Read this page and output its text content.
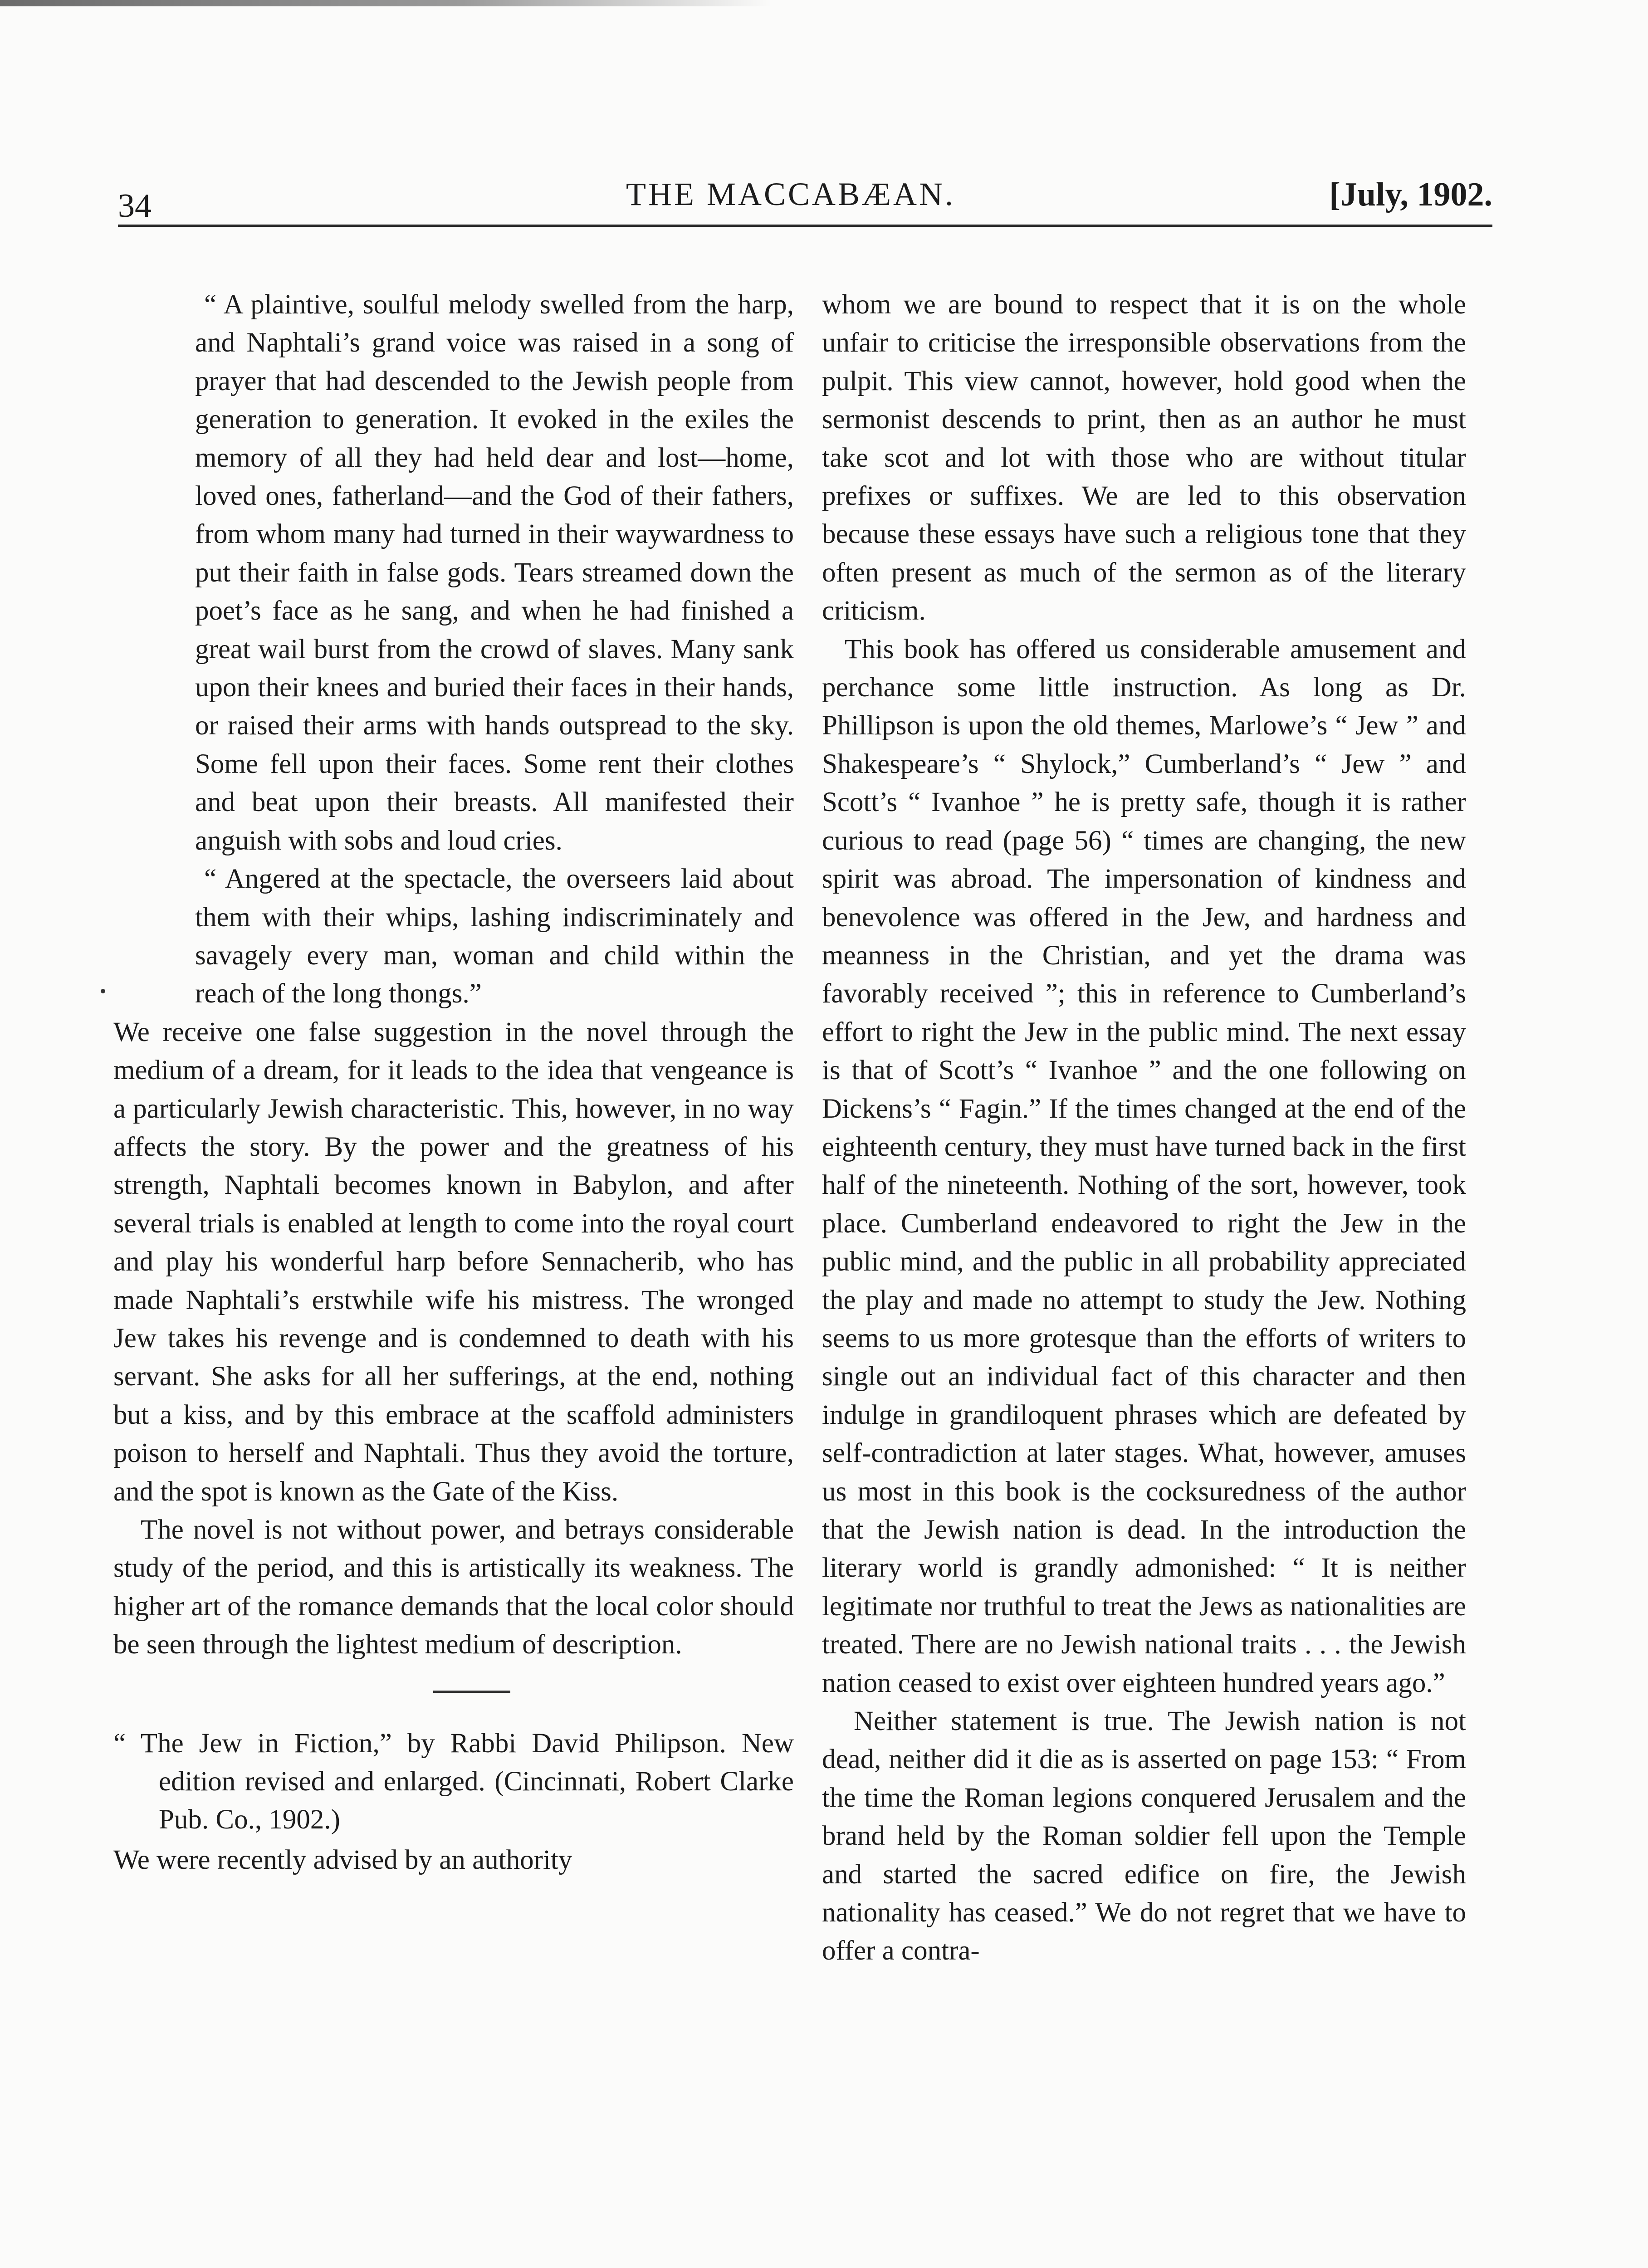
34	THE MACCABÆAN.	[July, 1902.

“ A plaintive, soulful melody swelled from the harp, and Naphtali’s grand voice was raised in a song of prayer that had descended to the Jewish people from generation to generation. It evoked in the exiles the memory of all they had held dear and lost—home, loved ones, fatherland—and the God of their fathers, from whom many had turned in their waywardness to put their faith in false gods. Tears streamed down the poet’s face as he sang, and when he had finished a great wail burst from the crowd of slaves. Many sank upon their knees and buried their faces in their hands, or raised their arms with hands outspread to the sky. Some fell upon their faces. Some rent their clothes and beat upon their breasts. All manifested their anguish with sobs and loud cries.

“ Angered at the spectacle, the overseers laid about them with their whips, lashing indiscriminately and savagely every man, woman and child within the reach of the long thongs.”

We receive one false suggestion in the novel through the medium of a dream, for it leads to the idea that vengeance is a particularly Jewish characteristic. This, however, in no way affects the story. By the power and the greatness of his strength, Naphtali becomes known in Babylon, and after several trials is enabled at length to come into the royal court and play his wonderful harp before Sennacherib, who has made Naphtali’s erstwhile wife his mistress. The wronged Jew takes his revenge and is condemned to death with his servant. She asks for all her sufferings, at the end, nothing but a kiss, and by this embrace at the scaffold administers poison to herself and Naphtali. Thus they avoid the torture, and the spot is known as the Gate of the Kiss.

The novel is not without power, and betrays considerable study of the period, and this is artistically its weakness. The higher art of the romance demands that the local color should be seen through the lightest medium of description.

“ The Jew in Fiction,” by Rabbi David Philipson. New edition revised and enlarged. (Cincinnati, Robert Clarke Pub. Co., 1902.)

We were recently advised by an authority

whom we are bound to respect that it is on the whole unfair to criticise the irresponsible observations from the pulpit. This view cannot, however, hold good when the sermonist descends to print, then as an author he must take scot and lot with those who are without titular prefixes or suffixes. We are led to this observation because these essays have such a religious tone that they often present as much of the sermon as of the literary criticism.

This book has offered us considerable amusement and perchance some little instruction. As long as Dr. Phillipson is upon the old themes, Marlowe’s “ Jew ” and Shakespeare’s “ Shylock,” Cumberland’s “ Jew ” and Scott’s “ Ivanhoe ” he is pretty safe, though it is rather curious to read (page 56) “ times are changing, the new spirit was abroad. The impersonation of kindness and benevolence was offered in the Jew, and hardness and meanness in the Christian, and yet the drama was favorably received ”; this in reference to Cumberland’s effort to right the Jew in the public mind. The next essay is that of Scott’s “ Ivanhoe ” and the one following on Dickens’s “ Fagin.” If the times changed at the end of the eighteenth century, they must have turned back in the first half of the nineteenth. Nothing of the sort, however, took place. Cumberland endeavored to right the Jew in the public mind, and the public in all probability appreciated the play and made no attempt to study the Jew. Nothing seems to us more grotesque than the efforts of writers to single out an individual fact of this character and then indulge in grandiloquent phrases which are defeated by self-contradiction at later stages. What, however, amuses us most in this book is the cocksuredness of the author that the Jewish nation is dead. In the introduction the literary world is grandly admonished: “ It is neither legitimate nor truthful to treat the Jews as nationalities are treated. There are no Jewish national traits . . . the Jewish nation ceased to exist over eighteen hundred years ago.”

Neither statement is true. The Jewish nation is not dead, neither did it die as is asserted on page 153: “ From the time the Roman legions conquered Jerusalem and the brand held by the Roman soldier fell upon the Temple and started the sacred edifice on fire, the Jewish nationality has ceased.” We do not regret that we have to offer a contra-
